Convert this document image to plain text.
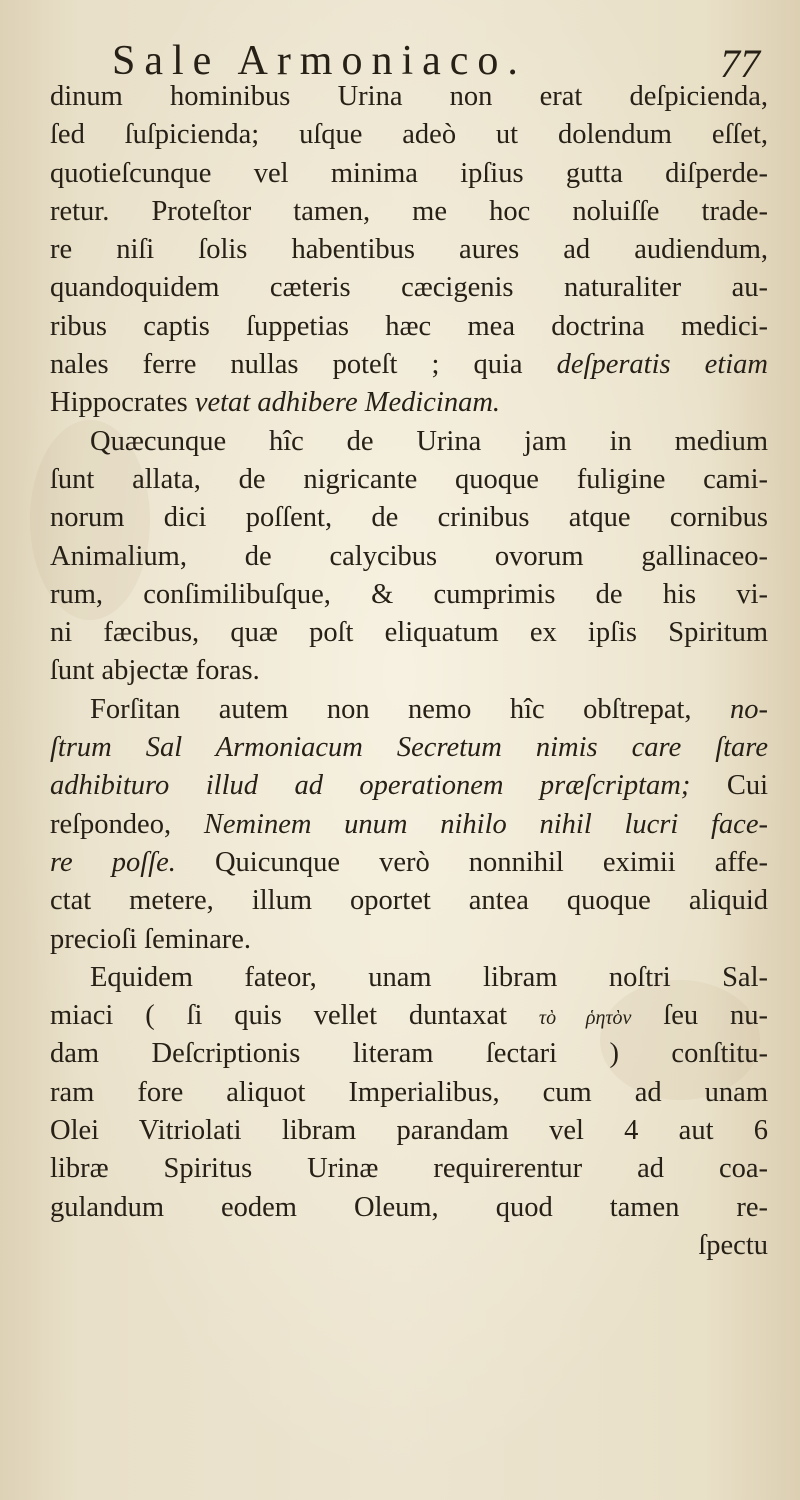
Sale Armoniaco.	77
dinum hominibus Urina non erat deſpicienda,
ſed ſuſpicienda; uſque adeò ut dolendum eſſet,
quotieſcunque vel minima ipſius gutta diſperde-
retur. Proteſtor tamen, me hoc noluiſſe trade-
re niſi ſolis habentibus aures ad audiendum,
quandoquidem cæteris cæcigenis naturaliter au-
ribus captis ſuppetias hæc mea doctrina medici-
nales ferre nullas poteſt ; quia deſperatis etiam
Hippocrates vetat adhibere Medicinam.
Quæcunque hîc de Urina jam in medium
ſunt allata, de nigricante quoque fuligine cami-
norum dici poſſent, de crinibus atque cornibus
Animalium, de calycibus ovorum gallinaceo-
rum, conſimilibuſque, & cumprimis de his vi-
ni fæcibus, quæ poſt eliquatum ex ipſis Spiritum
ſunt abjectæ foras.
Forſitan autem non nemo hîc obſtrepat, no-
ſtrum Sal Armoniacum Secretum nimis care ſtare
adhibituro illud ad operationem præſcriptam; Cui
reſpondeo, Neminem unum nihilo nihil lucri face-
re poſſe. Quicunque verò nonnihil eximii affe-
ctat metere, illum oportet antea quoque aliquid
precioſi ſeminare.
Equidem fateor, unam libram noſtri Sal-
miaci ( ſi quis vellet duntaxat τὸ ῥητὸν ſeu nu-
dam Deſcriptionis literam ſectari ) conſtitu-
ram fore aliquot Imperialibus, cum ad unam
Olei Vitriolati libram parandam vel 4 aut 6
libræ Spiritus Urinæ requirerentur ad coa-
gulandum eodem Oleum, quod tamen re-
ſpectu
